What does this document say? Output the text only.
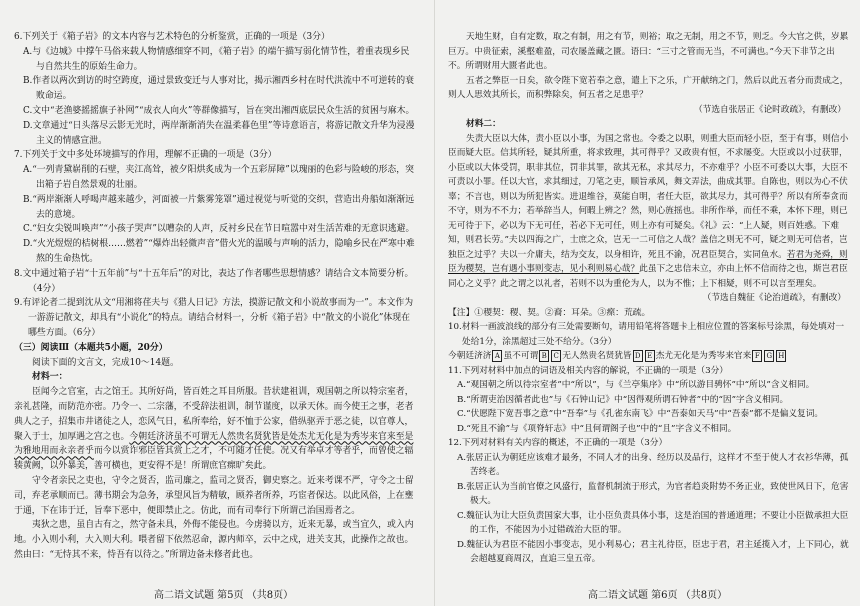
6.下列关于《箱子岩》的文本内容与艺术特色的分析鉴赏，正确的一项是（3分）

A.与《边城》中撑午马俗来载人物情感细穿不同，《箱子岩》的端午描写弱化情节性，着重表现乡民与自然共生的原始生命力。

B.作者以两次到访的时空跨度，通过景致变迁与人事对比，揭示湘西乡村在时代洪流中不可逆转的衰败命运。

C.文中“老渔婆摇摇旗子补网”“成衣人向火”等群像描写，旨在突出湘西底层民众生活的贫困与麻木。

D.文章通过“日头落尽云影无光时，两岸渐渐消失在温柔暮色里”等诗意语言，将游记散文升华为浸漫主义的情感宣泄。

7.下列关于文中多处环境描写的作用，理解不正确的一项是（3分）

A.“一列青黛崭削的石壁，夹江高耸，被夕阳烘炙成为一个五彩屏障”以瑰丽的色彩与险峻的形态，突出箱子岩自然景观的壮丽。

B.“两岸渐渐人呼喝声越来越少，河面被一片紫雾笼罩”通过视觉与听觉的交织，营造出舟船如渐渐远去的意境。

C.“妇女尖锐叫唤声”“小孩子哭声”以嘈杂的人声，反衬乡民在节日喧嚣中对生活苦难的无意识逃避。

D.“火光煜煜的桔树根……燃着”“爆炸出轻微声音”借火光的温暖与声响的活力，隐喻乡民在严寒中难熬的生命热忱。

8.文中通过箱子岩“十五年前”与“十五年后”的对比，表达了作者哪些思想情感？请结合文本简要分析。（4分）

9.有评论者二提到沈从文“用湘将荏夫与《猎人日记》方法，摸游记散文和小说故事而为一”。本文作为一游游记散文，却具有“小说化”的特点。请结合材料一，分析《箱子岩》中“散文的小说化”体现在哪些方面。（6分）

（三）阅读Ⅲ（本题共5小题，20分）

阅读下面的文言文，完成10～14题。

材料一：

臣闻今之官室，古之馆王。其所好尚，皆百姓之耳目所服。昔状建祖训，观国朝之所以特宗室者，亲礼甚隆，而防范亦密。乃令一、二宗藩，不受辞法祖训，制节谨度，以承天休。而今使王之事，老者典人之子，招集市井诸徒之人，恋风气日，私所奉给，好不恤于公家，借纵驱弄于恶之徒，以官尊人，聚入于士，加厚遇之宫之也。今朝廷济济虽不可谓无人然贵名贤犹皆是处杰尤无化是为秀岑来官来至是为雅地用而永亲者乎而今以赏诈邪臣皆其赏上之才，不可随才任使。况又有举卓才等者乎，而曾使之辐辏黄阙，以外暴美，善可横也，更安得不是！所谓庶官瘝旷矣此。

守令者亲民之吏也，守令之贤否，监司廉之，监司之贤否，御史察之。近来考课不严，守令之士留司，弃老承顺而已。薄书期会为急务，承望风旨为精敏，顾养者所养，巧宦者保达。以此风俗，上在壅于通，下在讳于迁，旨奉下恶中，便即禁止之。仿此，而有司奉行下所谓己治国焉者之。

夷狄之患，虽自古有之，然守备未具，外侮不能侵也。今虏骑以方，近来无暴，或当宜久，或入内地。小入则小利，大入则大利。喂者留下依然忍命，源内师卒，云中之戍，进关支其，此操作之故也。然由曰：“无恃其不来，恃吾有以待之。”所谓边备未修者此也。

天地生财，自有定数，取之有制，用之有节，则裕；取之无制，用之不节，则乏。今大官之供，岁累巨万。中贵征索，溪壑难盈，司农屡盖藏之匮。语曰：“三寸之管而无当，不可满也。”今天下非节之出不。所谓财用大匮者此也。

五者之弊臣一日矣，欲令陛下宽若奉之意，遣上下之乐，广开献纳之门，然后以此五者分而责成之，则人人思效其所长，而积弊除矣，何五者之足患乎？

（节选自张居正《论时政疏》，有删改）

材料二：

失责大臣以大体，责小臣以小事，为国之常也。令委之以职，则重大臣而轻小臣，至于有事，则信小臣而疑大臣。信其所轻，疑其所重，将求致理，其可得乎？又政贵有恒，不求屡变。大臣或以小过获罪，小臣或以大体受罚，职非其位，罚非其罪，欲其无私，求其尽力，不亦难乎？小臣不可委以大事，大臣不可责以小罪。任以大官，求其细过，刀笔之吏，顺旨承风，舞文弄法，曲成其罪。自陈也，则以为心不伏辜；不言也，则以为所犯皆实。进退维谷，莫能自明，者任大臣，欲其尽力，其可得乎？所以有所奉贪而不守，则为不不力；若举辞当人，何暇上辨之？然，则心旌摇也。非所作举，而任不乘，本怀下理，则已无可待于下，必以为下无可任，若必下无可任，则上亦有可疑矣。《礼》云：“上人疑，则百姓惑。下难知，则君长劳。”夫以四海之广，士庶之众，岂无一二可信之人哉？盖信之则无不可，疑之则无可信者，岂独臣之过乎？夫以一介庸夫，结为交友，以身相许，死且不渝，况君臣契合，实同鱼水。若君为尧舜，则臣为稷契，岂有遇小事则变志，见小利则易心哉？此虽下之忠信未立，亦由上怀不信而待之也，斯岂君臣同心之义乎？此之谓之以礼者，若则不以为重伦为人，以为不惟；上下相疑，则不可以言至理矣。

（节选自魏征《论治道疏》，有删改）

【注】①稷契：稷、契。②裔：耳朵。③瘝：荒疏。

10.材料一画波浪线的部分有三处需要断句，请用铅笔将答题卡上相应位置的答案标号涂黑，每处填对一处给1分，涂黑超过三处不给分。（3分）

今朝廷济济 A 虽不可谓 B C 无人然贵名贤犹皆 D E 杰尤无化是为秀岑来官来 F G H

11.下列对材料中加点的词语及相关内容的解说，不正确的一项是（3分）

A.“观国朝之所以待宗室者”中“所以”，与《兰亭集序》中“所以游目骋怀”中“所以”含义相同。

B.“所谓吏治因循者此也”与《石钟山记》中“因得观所谓石钟者”中的“因”字含义相同。

C.“伏愿陛下宽吾事之意”中“吾奉”与《孔雀东南飞》中“吾泰如天马”中“吾泰”都不是偏义复词。

D.“死且不渝”与《项脊轩志》中“且何谓阁子也”中的“且”字含义不相同。

12.下列对材料有关内容的概述，不正确的一项是（3分）

A.张居正认为朝廷应该难才最务，不同人才的出身、经历以及品行，这样才不至于使人才衣衫华薄，孤苦终老。

B.张居正认为当前官僚之风盛行，监督机制流于形式，为官者趋炎附势不务正业，致使世风日下，危害极大。

C.魏征认为让大臣负责国家大事，让小臣负责具体小事，这是治国的普通道理；不要让小臣做承担大臣的工作，不能因为小过错疏治大臣的罪。

D.魏征认为君臣不能因小事变志，见小利易心；君主礼待臣，臣忠于君，君主延揽入才，上下同心，就会超越夏商周汉，直追三皇五帝。

高二语文试题 第5页 （共8页）	高二语文试题 第6页 （共8页）
